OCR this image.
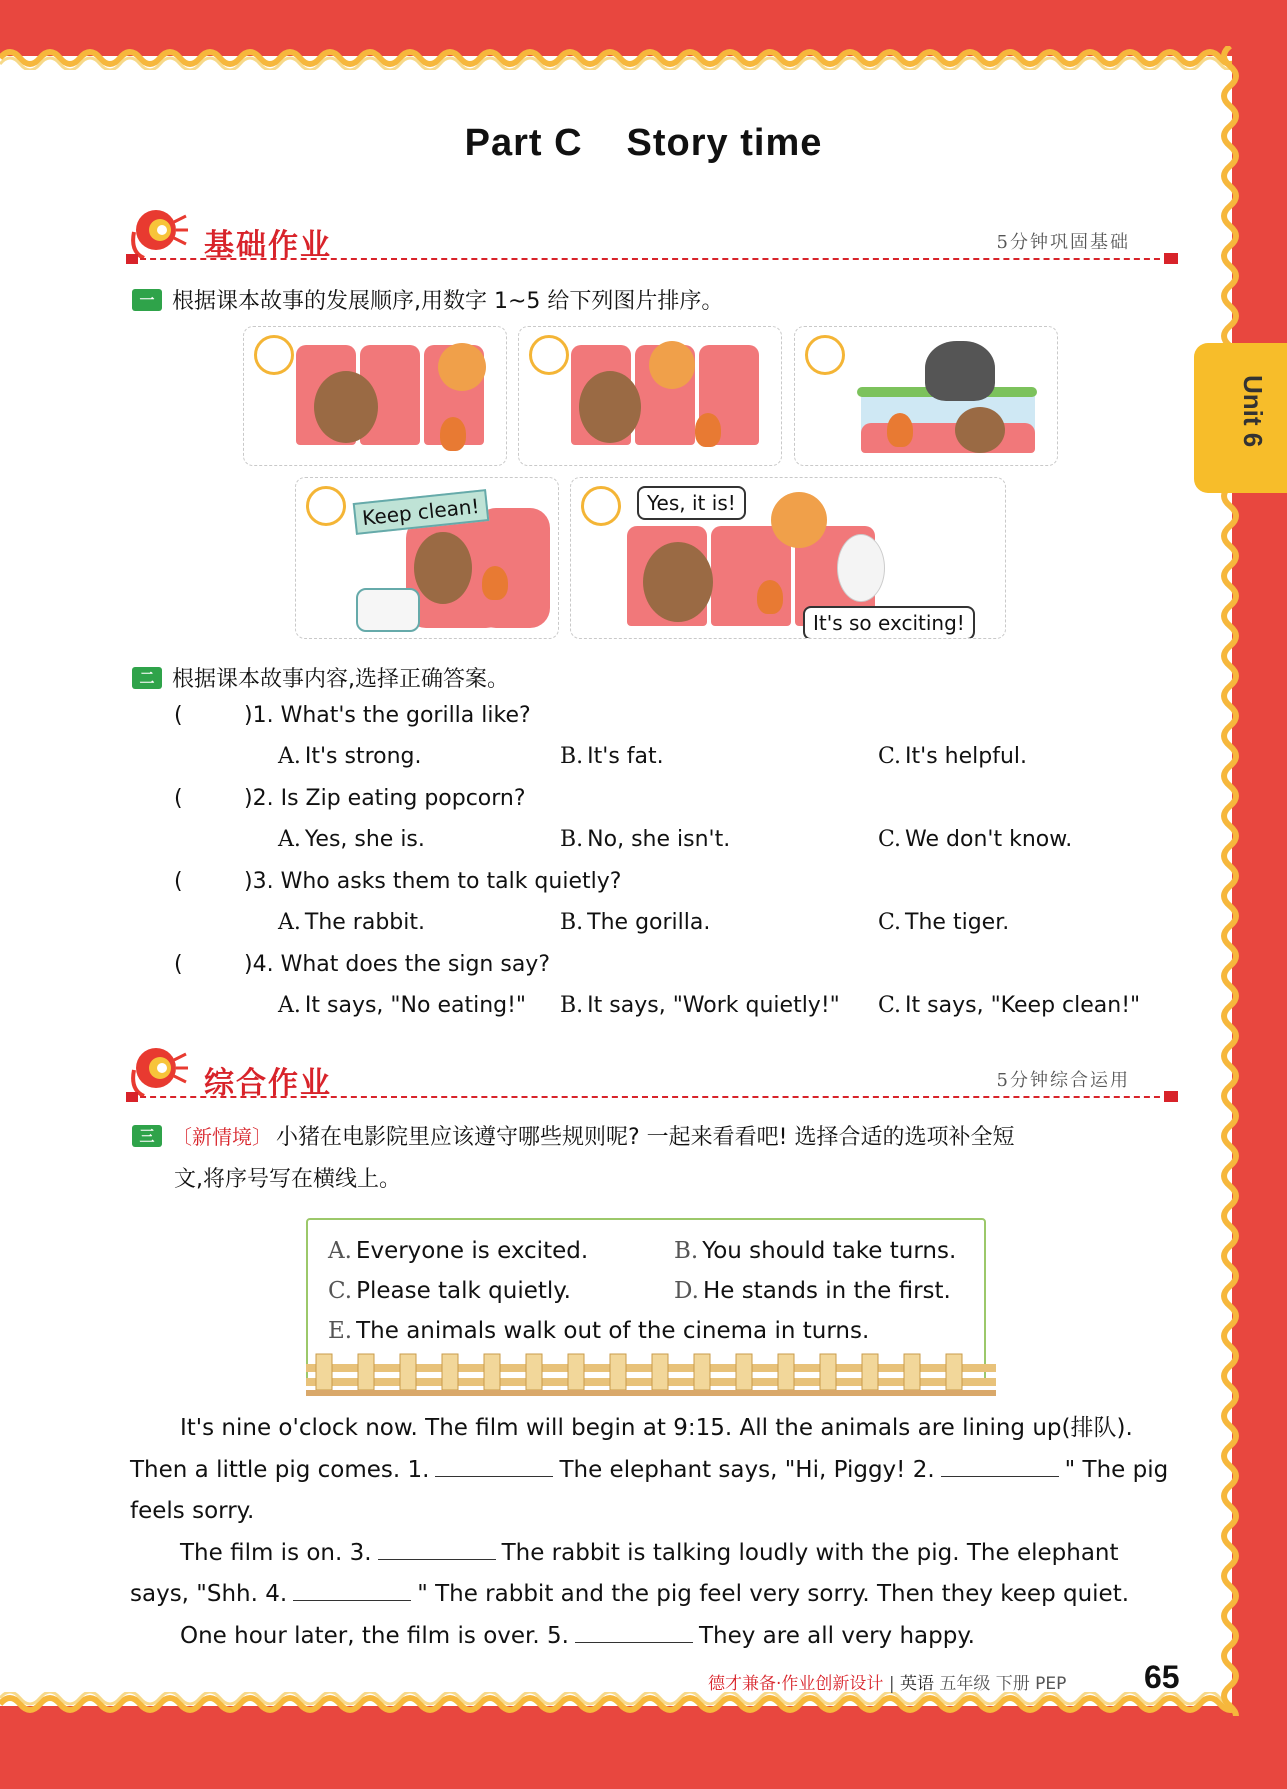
Part C Story time
Unit 6
基础作业	5分钟巩固基础
一 根据课本故事的发展顺序,用数字 1~5 给下列图片排序。
Keep clean!	Yes, it is!
It's so exciting!
二 根据课本故事内容,选择正确答案。
(	)1. What's the gorilla like?
A. It's strong.	B. It's fat.	C. It's helpful.
(	)2. Is Zip eating popcorn?
A. Yes, she is.	B. No, she isn't.	C. We don't know.
(	)3. Who asks them to talk quietly?
A. The rabbit.	B. The gorilla.	C. The tiger.
(	)4. What does the sign say?
A. It says, "No eating!" B. It says, "Work quietly!" C. It says, "Keep clean!"
综合作业	5分钟综合运用
三 〔新情境〕 小猪在电影院里应该遵守哪些规则呢? 一起来看看吧! 选择合适的选项补全短
文,将序号写在横线上。
A. Everyone is excited.	B. You should take turns.
C. Please talk quietly.	D. He stands in the first.
E. The animals walk out of the cinema in turns.
It's nine o'clock now. The film will begin at 9:15. All the animals are lining up(排队).
Then a little pig comes. 1.	The elephant says, "Hi, Piggy! 2.	" The pig
feels sorry.
The film is on. 3.	The rabbit is talking loudly with the pig. The elephant
says, "Shh. 4.	" The rabbit and the pig feel very sorry. Then they keep quiet.
One hour later, the film is over. 5.	They are all very happy.
德才兼备·作业创新设计 | 英语 五年级 下册 PEP 65
